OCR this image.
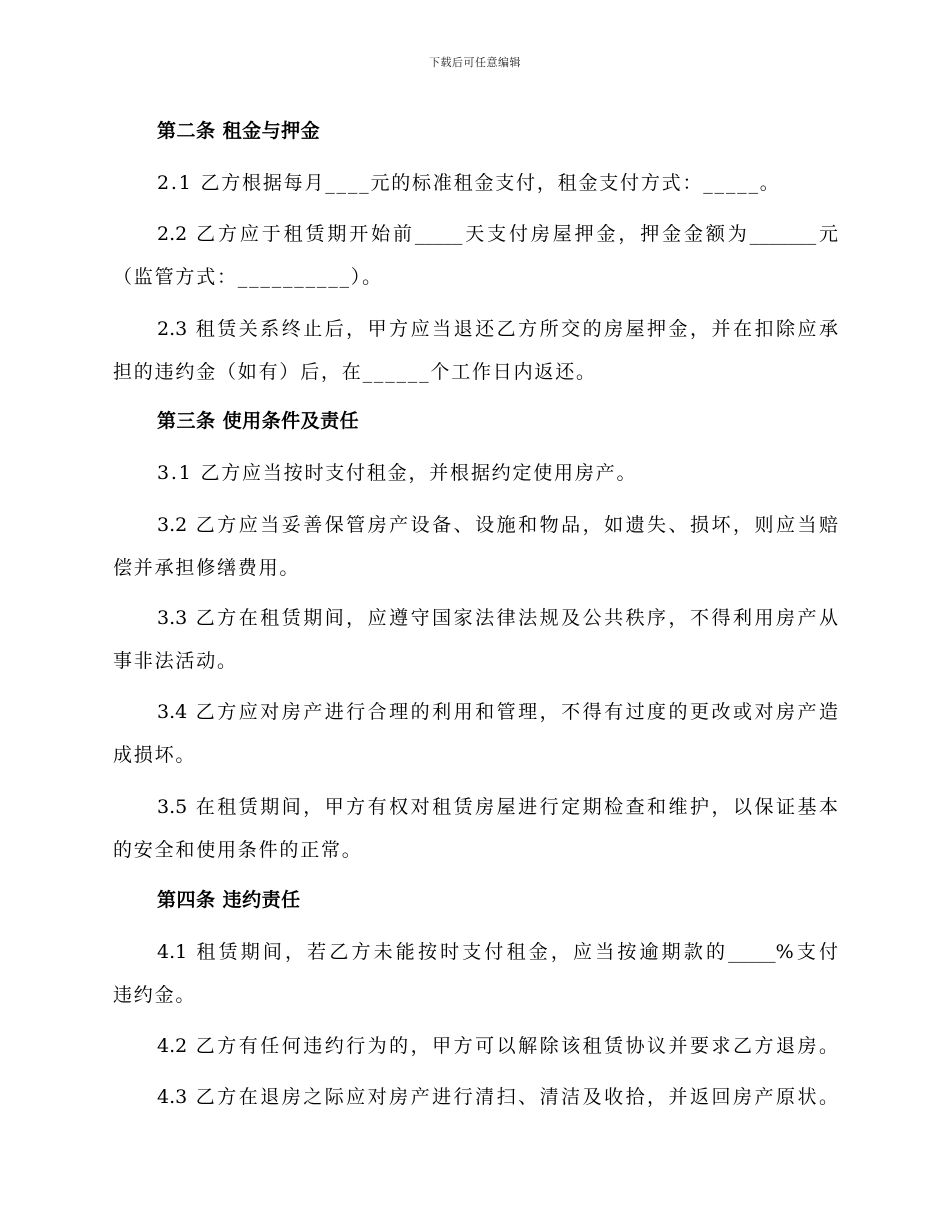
下载后可任意编辑
第二条 租金与押金
2.1 乙方根据每月____元的标准租金支付，租金支付方式：_____。
2.2 乙方应于租赁期开始前_____天支付房屋押金，押金金额为_______元
（监管方式：__________）。
2.3 租赁关系终止后，甲方应当退还乙方所交的房屋押金，并在扣除应承
担的违约金（如有）后，在______个工作日内返还。
第三条 使用条件及责任
3.1 乙方应当按时支付租金，并根据约定使用房产。
3.2 乙方应当妥善保管房产设备、设施和物品，如遗失、损坏，则应当赔
偿并承担修缮费用。
3.3 乙方在租赁期间，应遵守国家法律法规及公共秩序，不得利用房产从
事非法活动。
3.4 乙方应对房产进行合理的利用和管理，不得有过度的更改或对房产造
成损坏。
3.5 在租赁期间，甲方有权对租赁房屋进行定期检查和维护，以保证基本
的安全和使用条件的正常。
第四条 违约责任
4.1 租赁期间，若乙方未能按时支付租金，应当按逾期款的_____%支付
违约金。
4.2 乙方有任何违约行为的，甲方可以解除该租赁协议并要求乙方退房。
4.3 乙方在退房之际应对房产进行清扫、清洁及收拾，并返回房产原状。
